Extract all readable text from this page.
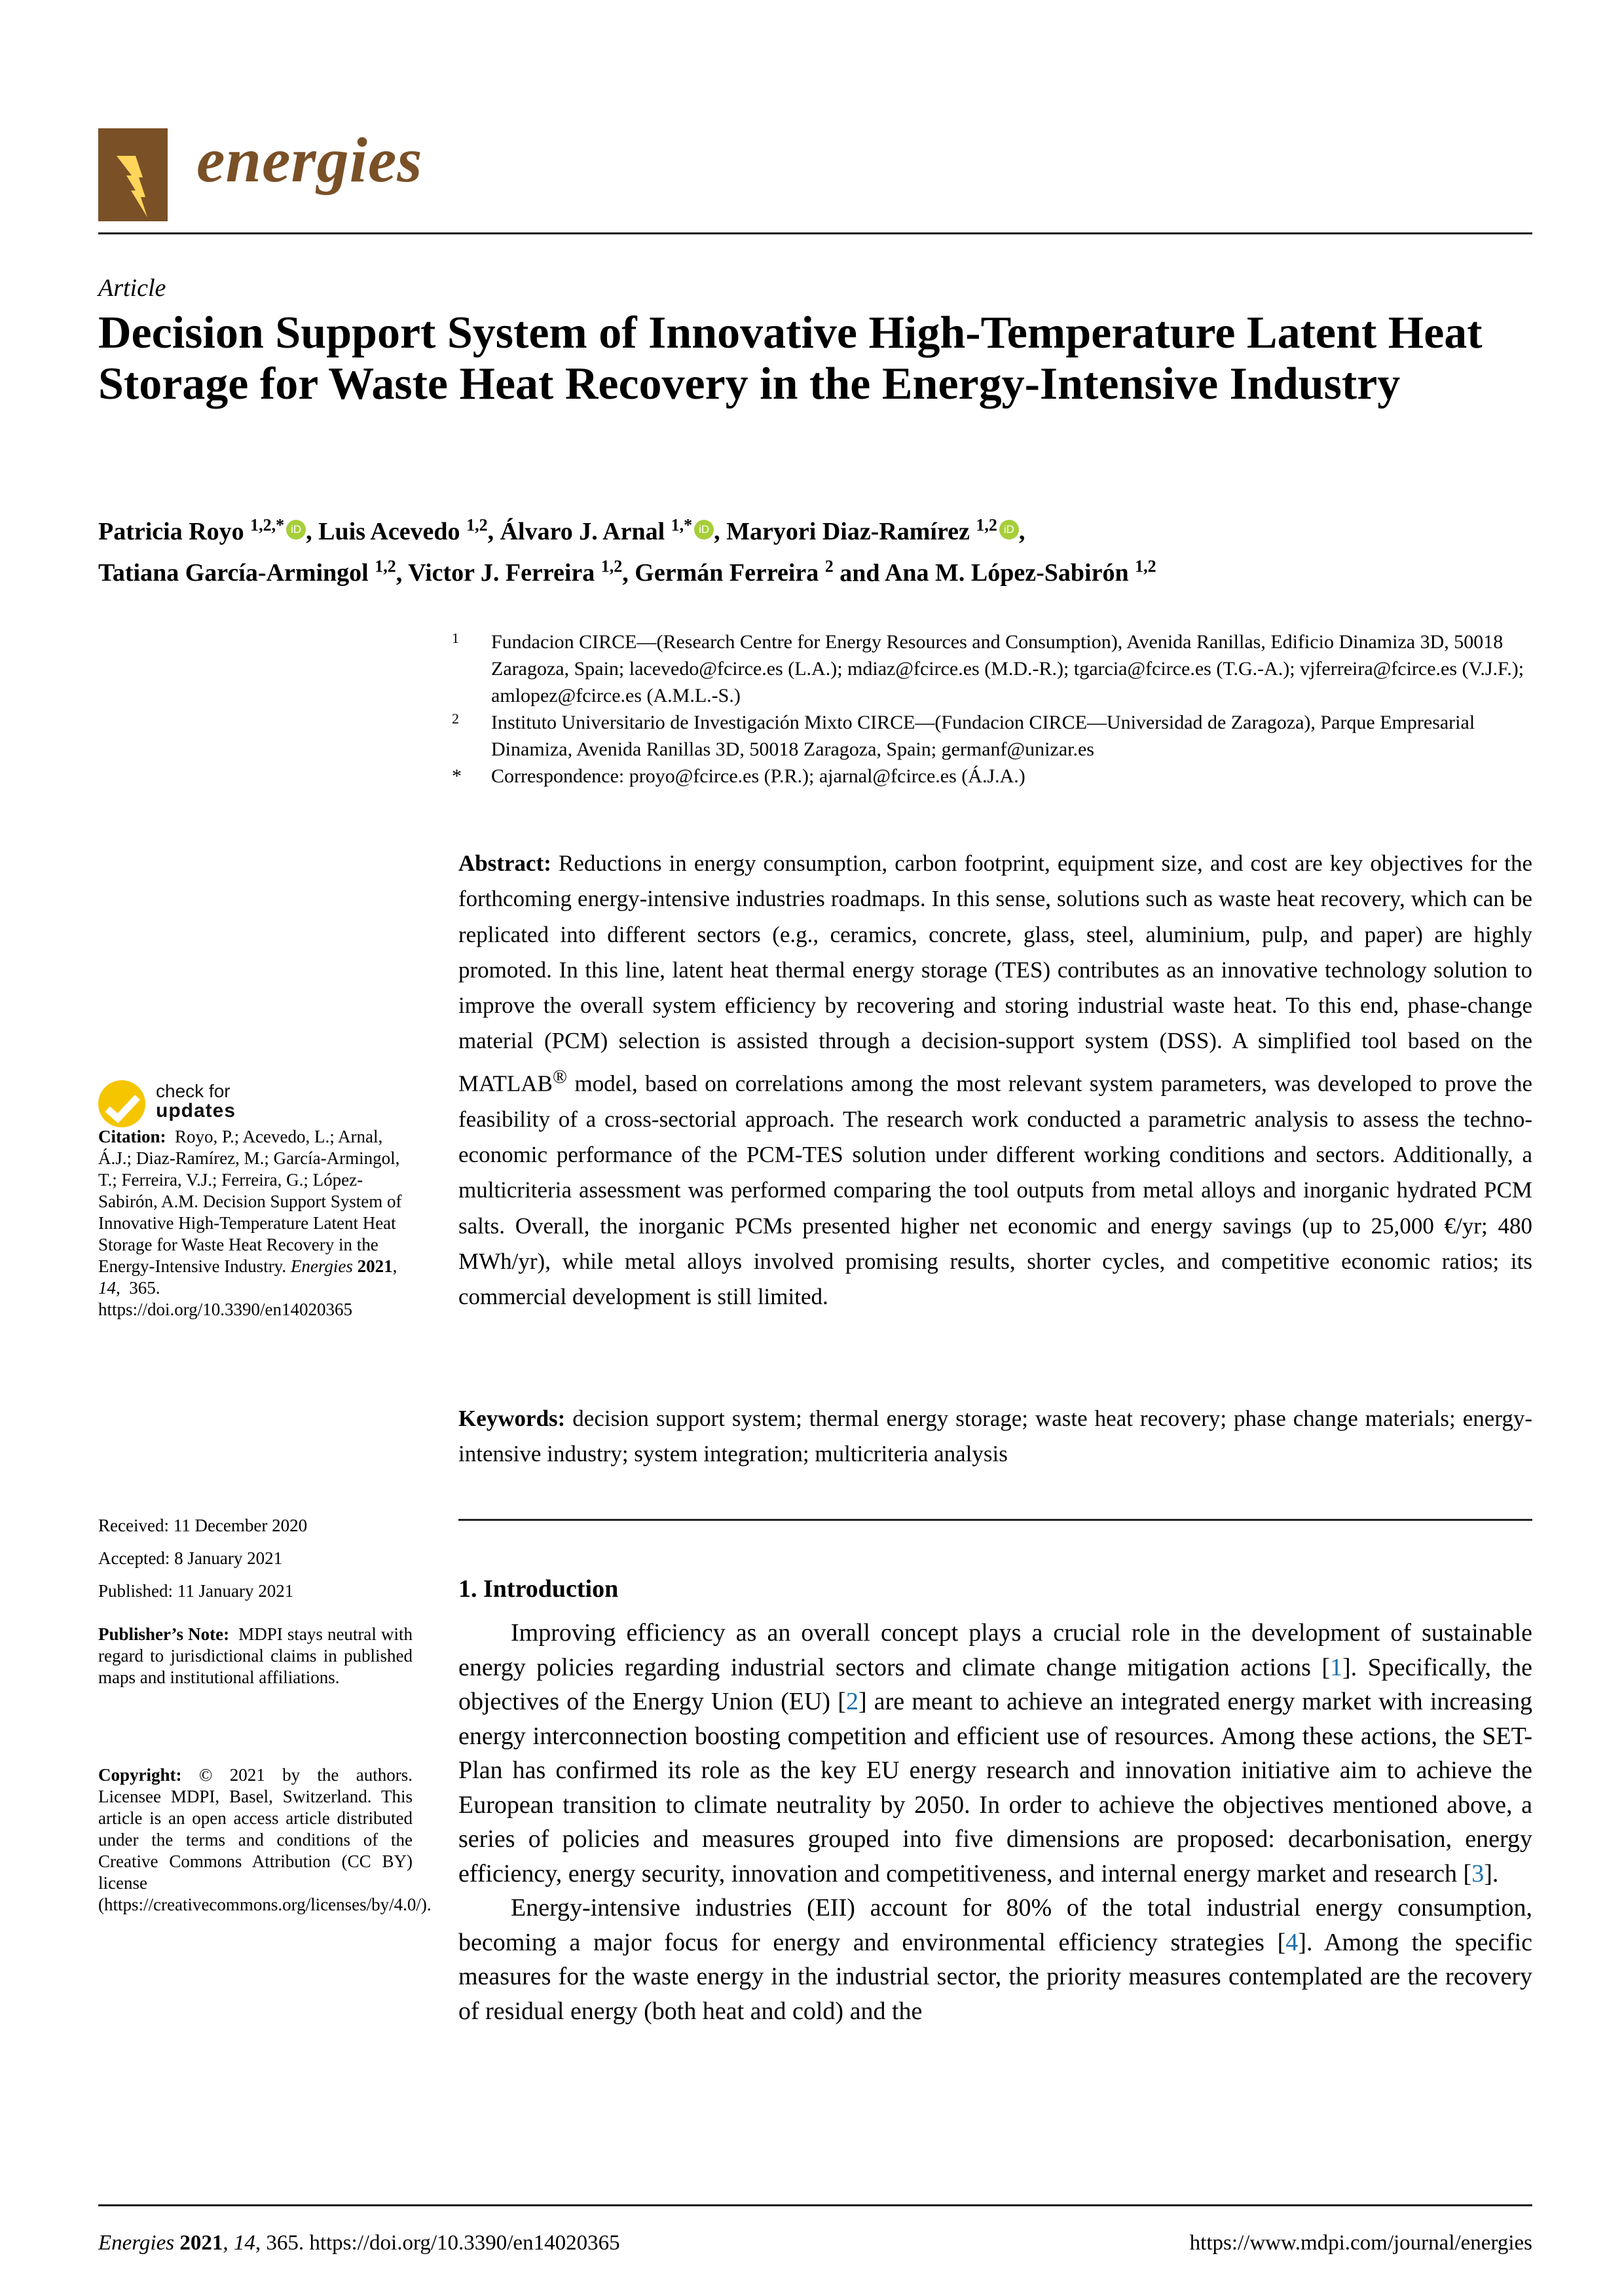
energies
Article
Decision Support System of Innovative High-Temperature Latent Heat Storage for Waste Heat Recovery in the Energy-Intensive Industry
Patricia Royo $^{1,2,*}$ iD , Luis Acevedo $^{1,2}$, Álvaro J. Arnal $^{1,*}$ iD , Maryori Diaz-Ramírez $^{1,2}$ iD ,
Tatiana García-Armingol $^{1,2}$, Victor J. Ferreira $^{1,2}$, Germán Ferreira $^2$ and Ana M. López-Sabirón $^{1,2}$
1 Fundacion CIRCE—(Research Centre for Energy Resources and Consumption), Avenida Ranillas, Edificio Dinamiza 3D, 50018 Zaragoza, Spain; lacevedo@fcirce.es (L.A.); mdiaz@fcirce.es (M.D.-R.); tgarcia@fcirce.es (T.G.-A.); vjferreira@fcirce.es (V.J.F.); amlopez@fcirce.es (A.M.L.-S.)
2 Instituto Universitario de Investigación Mixto CIRCE—(Fundacion CIRCE—Universidad de Zaragoza), Parque Empresarial Dinamiza, Avenida Ranillas 3D, 50018 Zaragoza, Spain; germanf@unizar.es
* Correspondence: proyo@fcirce.es (P.R.); ajarnal@fcirce.es (Á.J.A.)
Abstract: Reductions in energy consumption, carbon footprint, equipment size, and cost are key objectives for the forthcoming energy-intensive industries roadmaps. In this sense, solutions such as waste heat recovery, which can be replicated into different sectors (e.g., ceramics, concrete, glass, steel, aluminium, pulp, and paper) are highly promoted. In this line, latent heat thermal energy storage (TES) contributes as an innovative technology solution to improve the overall system efficiency by recovering and storing industrial waste heat. To this end, phase-change material (PCM) selection is assisted through a decision-support system (DSS). A simplified tool based on the MATLAB® model, based on correlations among the most relevant system parameters, was developed to prove the feasibility of a cross-sectorial approach. The research work conducted a parametric analysis to assess the techno-economic performance of the PCM-TES solution under different working conditions and sectors. Additionally, a multicriteria assessment was performed comparing the tool outputs from metal alloys and inorganic hydrated PCM salts. Overall, the inorganic PCMs presented higher net economic and energy savings (up to 25,000 €/yr; 480 MWh/yr), while metal alloys involved promising results, shorter cycles, and competitive economic ratios; its commercial development is still limited.
Keywords: decision support system; thermal energy storage; waste heat recovery; phase change materials; energy-intensive industry; system integration; multicriteria analysis
1. Introduction

Improving efficiency as an overall concept plays a crucial role in the development of sustainable energy policies regarding industrial sectors and climate change mitigation actions [1]. Specifically, the objectives of the Energy Union (EU) [2] are meant to achieve an integrated energy market with increasing energy interconnection boosting competition and efficient use of resources. Among these actions, the SET-Plan has confirmed its role as the key EU energy research and innovation initiative aim to achieve the European transition to climate neutrality by 2050. In order to achieve the objectives mentioned above, a series of policies and measures grouped into five dimensions are proposed: decarbonisation, energy efficiency, energy security, innovation and competitiveness, and internal energy market and research [3].

Energy-intensive industries (EII) account for 80% of the total industrial energy consumption, becoming a major focus for energy and environmental efficiency strategies [4]. Among the specific measures for the waste energy in the industrial sector, the priority measures contemplated are the recovery of residual energy (both heat and cold) and the

check for
updates
Citation: Royo, P.; Acevedo, L.; Arnal, Á.J.; Diaz-Ramírez, M.; García-Armingol, T.; Ferreira, V.J.; Ferreira, G.; López-Sabirón, A.M. Decision Support System of Innovative High-Temperature Latent Heat Storage for Waste Heat Recovery in the Energy-Intensive Industry. Energies 2021, 14,  365.
https://doi.org/10.3390/en14020365
Received: 11 December 2020
Accepted: 8 January 2021
Published: 11 January 2021
Publisher’s Note: MDPI stays neutral with regard to jurisdictional claims in published maps and institutional affiliations.
Copyright: © 2021 by the authors. Licensee MDPI, Basel, Switzerland. This article is an open access article distributed under the terms and conditions of the Creative Commons Attribution (CC BY) license (https://creativecommons.org/licenses/by/4.0/).
Energies 2021, 14, 365. https://doi.org/10.3390/en14020365	https://www.mdpi.com/journal/energies
